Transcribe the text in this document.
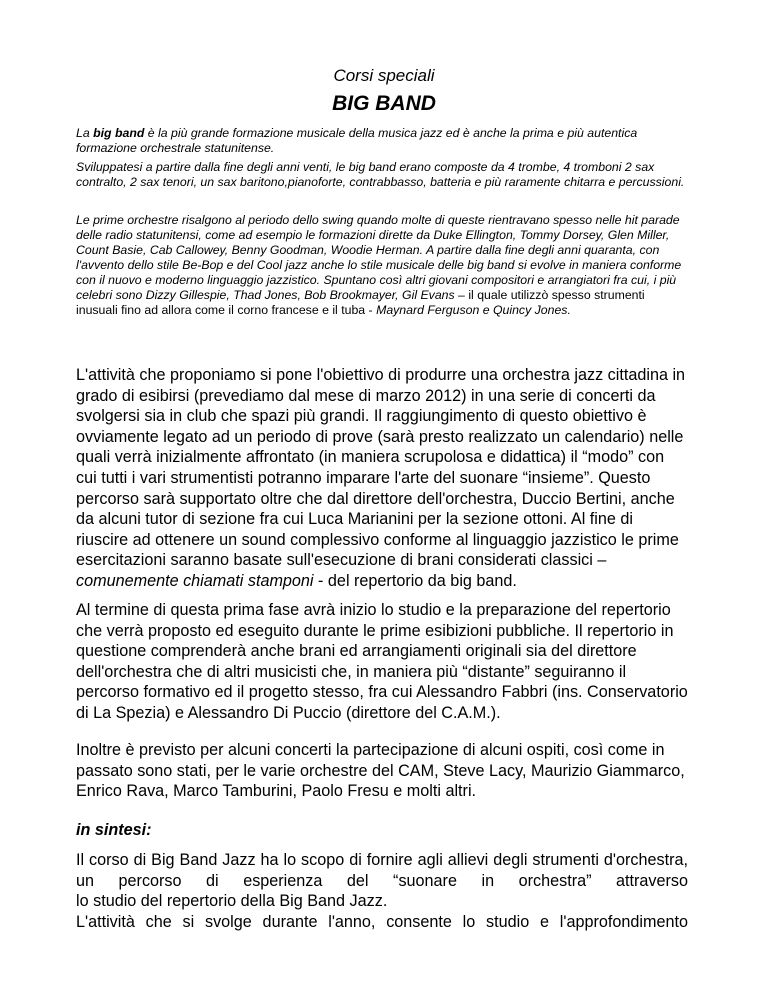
Corsi speciali
BIG BAND

La big band è la più grande formazione musicale della musica jazz ed è anche la prima e più autentica formazione orchestrale statunitense.

Sviluppatesi a partire dalla fine degli anni venti, le big band erano composte da 4 trombe, 4 tromboni 2 sax contralto, 2 sax tenori, un sax baritono,pianoforte, contrabbasso, batteria e più raramente chitarra e percussioni.

Le prime orchestre risalgono al periodo dello swing quando molte di queste rientravano spesso nelle hit parade delle radio statunitensi, come ad esempio le formazioni dirette da Duke Ellington, Tommy Dorsey, Glen Miller, Count Basie, Cab Callowey, Benny Goodman, Woodie Herman. A partire dalla fine degli anni quaranta, con l'avvento dello stile Be-Bop e del Cool jazz anche lo stile musicale delle big band si evolve in maniera conforme con il nuovo e moderno linguaggio jazzistico. Spuntano così altri giovani compositori e arrangiatori fra cui, i più celebri sono Dizzy Gillespie, Thad Jones, Bob Brookmayer, Gil Evans – il quale utilizzò spesso strumenti inusuali fino ad allora come il corno francese e il tuba - Maynard Ferguson e Quincy Jones.

L'attività che proponiamo si pone l'obiettivo di produrre una orchestra jazz cittadina in grado di esibirsi (prevediamo dal mese di marzo 2012) in una serie di concerti da svolgersi sia in club che spazi più grandi. Il raggiungimento di questo obiettivo è ovviamente legato ad un periodo di prove (sarà presto realizzato un calendario) nelle quali verrà inizialmente affrontato (in maniera scrupolosa e didattica) il “modo” con cui tutti i vari strumentisti potranno imparare l'arte del suonare “insieme”. Questo percorso sarà supportato oltre che dal direttore dell'orchestra, Duccio Bertini, anche da alcuni tutor di sezione fra cui Luca Marianini per la sezione ottoni. Al fine di riuscire ad ottenere un sound complessivo conforme al linguaggio jazzistico le prime esercitazioni saranno basate sull'esecuzione di brani considerati classici – comunemente chiamati stamponi - del repertorio da big band.

Al termine di questa prima fase avrà inizio lo studio e la preparazione del repertorio che verrà proposto ed eseguito durante le prime esibizioni pubbliche. Il repertorio in questione comprenderà anche brani ed arrangiamenti originali sia del direttore dell'orchestra che di altri musicisti che, in maniera più “distante” seguiranno il percorso formativo ed il progetto stesso, fra cui Alessandro Fabbri (ins. Conservatorio di La Spezia) e Alessandro Di Puccio (direttore del C.A.M.).

Inoltre è previsto per alcuni concerti la partecipazione di alcuni ospiti, così come in passato sono stati, per le varie orchestre del CAM, Steve Lacy, Maurizio Giammarco, Enrico Rava, Marco Tamburini, Paolo Fresu e molti altri.

in sintesi:
Il corso di Big Band Jazz ha lo scopo di fornire agli allievi degli strumenti d'orchestra, un percorso di esperienza del “suonare in orchestra” attraverso
lo studio del repertorio della Big Band Jazz.
L'attività che si svolge durante l'anno, consente lo studio e l'approfondimento
